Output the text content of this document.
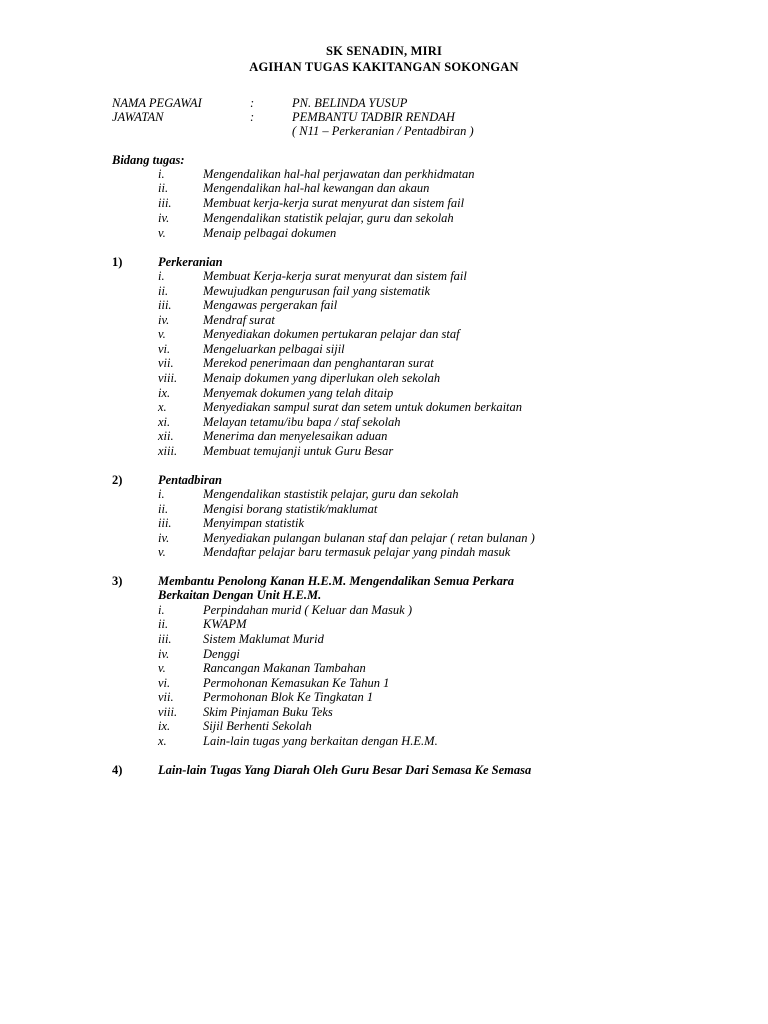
SK SENADIN, MIRI
AGIHAN TUGAS KAKITANGAN SOKONGAN
NAMA PEGAWAI	:	PN. BELINDA YUSUP
JAWATAN	:	PEMBANTU TADBIR RENDAH
( N11 – Perkeranian / Pentadbiran )
Bidang tugas:
i.	Mengendalikan hal-hal perjawatan dan perkhidmatan
ii.	Mengendalikan hal-hal kewangan dan akaun
iii.	Membuat kerja-kerja surat menyurat dan sistem fail
iv.	Mengendalikan statistik pelajar, guru dan sekolah
v.	Menaip pelbagai dokumen
1)	Perkeranian
i.	Membuat Kerja-kerja surat menyurat dan sistem fail
ii.	Mewujudkan pengurusan fail yang sistematik
iii.	Mengawas pergerakan fail
iv.	Mendraf surat
v.	Menyediakan dokumen pertukaran pelajar dan staf
vi.	Mengeluarkan pelbagai sijil
vii. Merekod penerimaan dan penghantaran surat
viii. Menaip dokumen yang diperlukan oleh sekolah
ix.	Menyemak dokumen yang telah ditaip
x.	Menyediakan sampul surat dan setem untuk dokumen berkaitan
xi.	Melayan tetamu/ibu bapa / staf sekolah
xii. Menerima dan menyelesaikan aduan
xiii. Membuat temujanji untuk Guru Besar
2)	Pentadbiran
i.	Mengendalikan stastistik pelajar, guru dan sekolah
ii.	Mengisi borang statistik/maklumat
iii.	Menyimpan statistik
iv.	Menyediakan pulangan bulanan staf dan pelajar ( retan bulanan )
v.	Mendaftar pelajar baru termasuk pelajar yang pindah masuk
3)	Membantu Penolong Kanan H.E.M. Mengendalikan Semua Perkara
Berkaitan Dengan Unit H.E.M.
i.	Perpindahan murid ( Keluar dan Masuk )
ii.	KWAPM
iii.	Sistem Maklumat Murid
iv.	Denggi
v.	Rancangan Makanan Tambahan
vi.	Permohonan Kemasukan Ke Tahun 1
vii. Permohonan Blok Ke Tingkatan 1
viii. Skim Pinjaman Buku Teks
ix.	Sijil Berhenti Sekolah
x.	Lain-lain tugas yang berkaitan dengan H.E.M.
4)	Lain-lain Tugas Yang Diarah Oleh Guru Besar Dari Semasa Ke Semasa
